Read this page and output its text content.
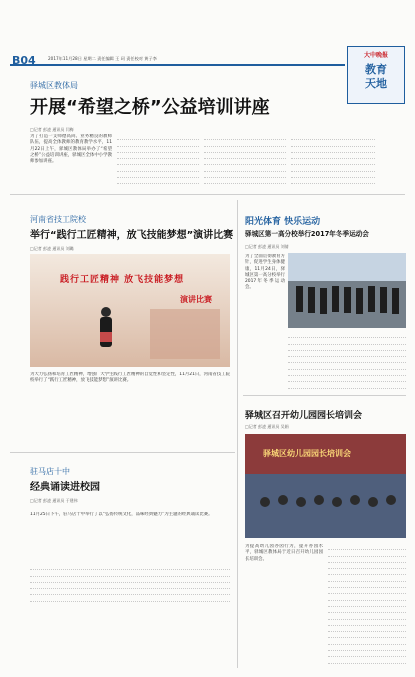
B04	2017年11月28日 星期二 责任编辑 王 珂 责任校对 黄子李	大中晚报
教育天地
驿城区教体局
开展“希望之桥”公益培训讲座
□记者 彭凌 通讯员 闫梅
为了打造一支师德高尚、业务精良的教师队伍，提高全体教师的教育教学水平，11月22日上午，驿城区教体局举办了“希望之桥”公益培训讲座，驿城区全体中小学教师参加讲座。
河南省技工院校
举行“践行工匠精神，放飞技能梦想”演讲比赛
□记者 彭凌 通讯员 刘璐
践行工匠精神 放飞技能梦想
演讲比赛
为大力弘扬和培育工匠精神，增强广大学生践行工匠精神的自觉性和坚定性，11月21日，河南省技工院校举行了“践行工匠精神，放飞技能梦想”演讲比赛。
驻马店十中
经典诵读进校园
□记者 彭凌 通讯员 于建伟
11月25日下午，驻马店十中举行了以“弘扬传统文化，品味经典魅力”为主题的经典诵读比赛。
阳光体育 快乐运动
驿城区第一高分校举行2017年冬季运动会
□记者 彭凌 通讯员 刘倩
为了全面贯彻教育方针，促进学生身体健康，11月24日，驿城区第一高分校举行2017年冬季运动会。
驿城区召开幼儿园园长培训会
□记者 彭凌 通讯员 吴娟
驿城区幼儿园园长培训会
为提高幼儿园办园行为，提升办园水平，驿城区教体局于近日召开幼儿园园长培训会。
